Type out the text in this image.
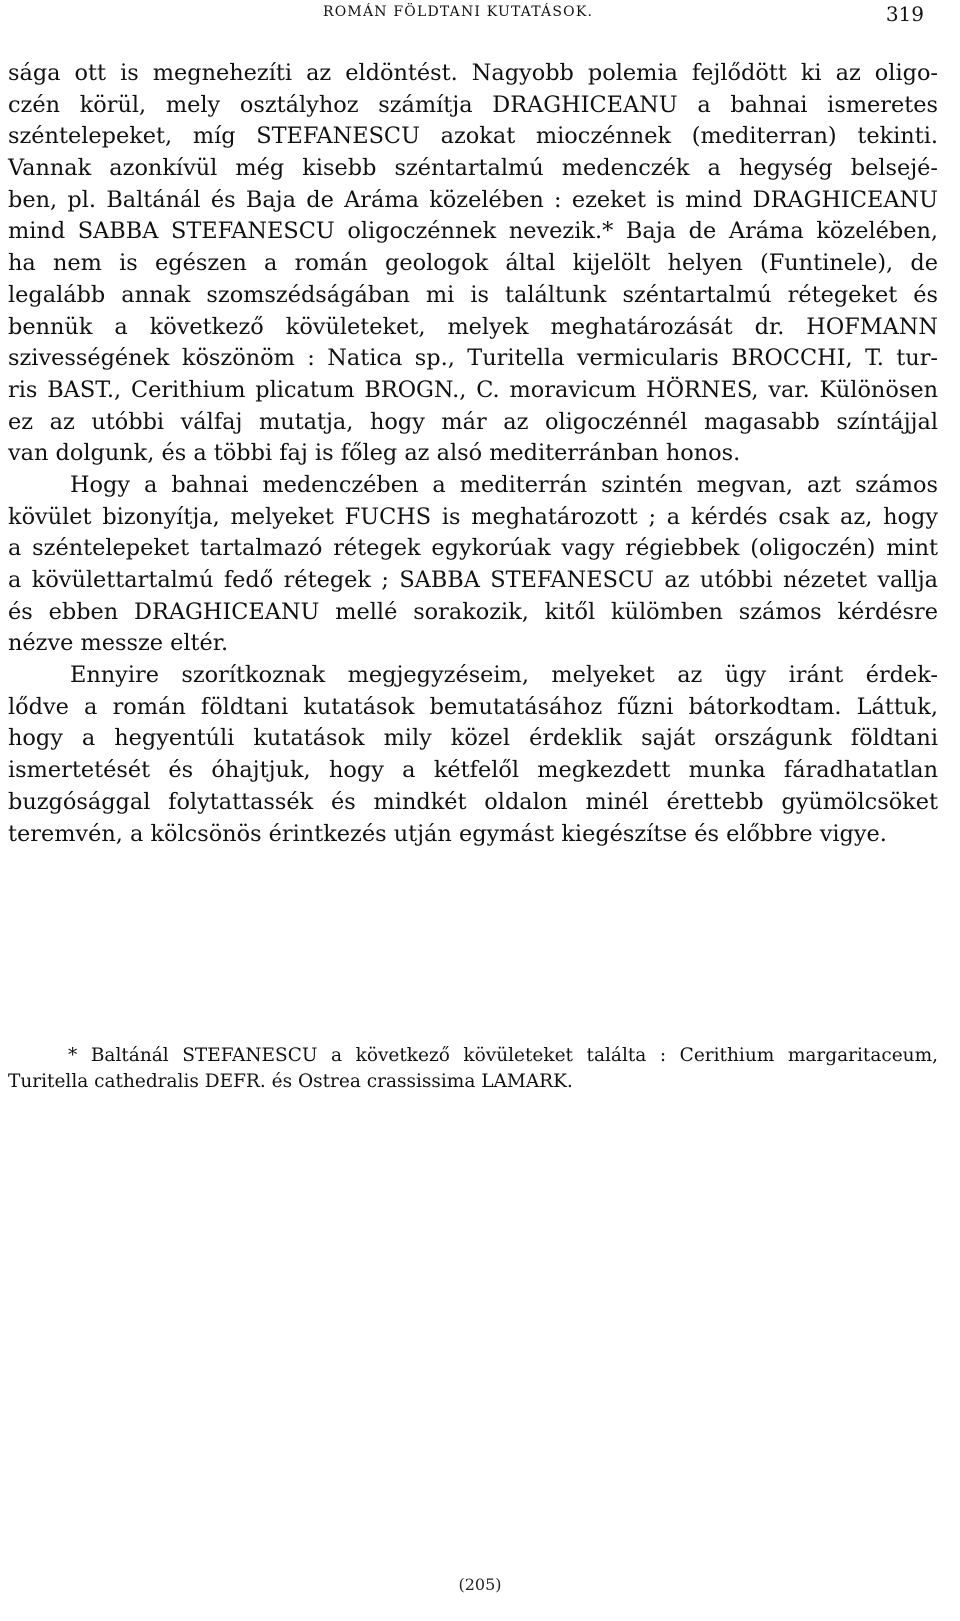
ROMÁN FÖLDTANI KUTATÁSOK.	319
sága ott is megnehezíti az eldöntést. Nagyobb polemia fejlődött ki az oligo-
czén körül, mely osztályhoz számítja DRAGHICEANU a bahnai ismeretes
széntelepeket, míg STEFANESCU azokat mioczénnek (mediterran) tekinti.
Vannak azonkívül még kisebb széntartalmú medenczék a hegység belsejé-
ben, pl. Baltánál és Baja de Aráma közelében : ezeket is mind DRAGHICEANU
mind SABBA STEFANESCU oligoczénnek nevezik.* Baja de Aráma közelében,
ha nem is egészen a román geologok által kijelölt helyen (Funtinele), de
legalább annak szomszédságában mi is találtunk széntartalmú rétegeket és
bennük a következő kövületeket, melyek meghatározását dr. HOFMANN
szivességének köszönöm : Natica sp., Turitella vermicularis BROCCHI, T. tur-
ris BAST., Cerithium plicatum BROGN., C. moravicum HÖRNES, var. Különösen
ez az utóbbi válfaj mutatja, hogy már az oligoczénnél magasabb színtájjal
van dolgunk, és a többi faj is főleg az alsó mediterránban honos.
Hogy a bahnai medenczében a mediterrán szintén megvan, azt számos
kövület bizonyítja, melyeket FUCHS is meghatározott ; a kérdés csak az, hogy
a széntelepeket tartalmazó rétegek egykorúak vagy régiebbek (oligoczén) mint
a kövülettartalmú fedő rétegek ; SABBA STEFANESCU az utóbbi nézetet vallja
és ebben DRAGHICEANU mellé sorakozik, kitől külömben számos kérdésre
nézve messze eltér.
Ennyire szorítkoznak megjegyzéseim, melyeket az ügy iránt érdek-
lődve a román földtani kutatások bemutatásához fűzni bátorkodtam. Láttuk,
hogy a hegyentúli kutatások mily közel érdeklik saját országunk földtani
ismertetését és óhajtjuk, hogy a kétfelől megkezdett munka fáradhatatlan
buzgósággal folytattassék és mindkét oldalon minél érettebb gyümölcsöket
teremvén, a kölcsönös érintkezés utján egymást kiegészítse és előbbre vigye.
* Baltánál STEFANESCU a következő kövületeket találta : Cerithium margaritaceum,
Turitella cathedralis DEFR. és Ostrea crassissima LAMARK.
(205)
